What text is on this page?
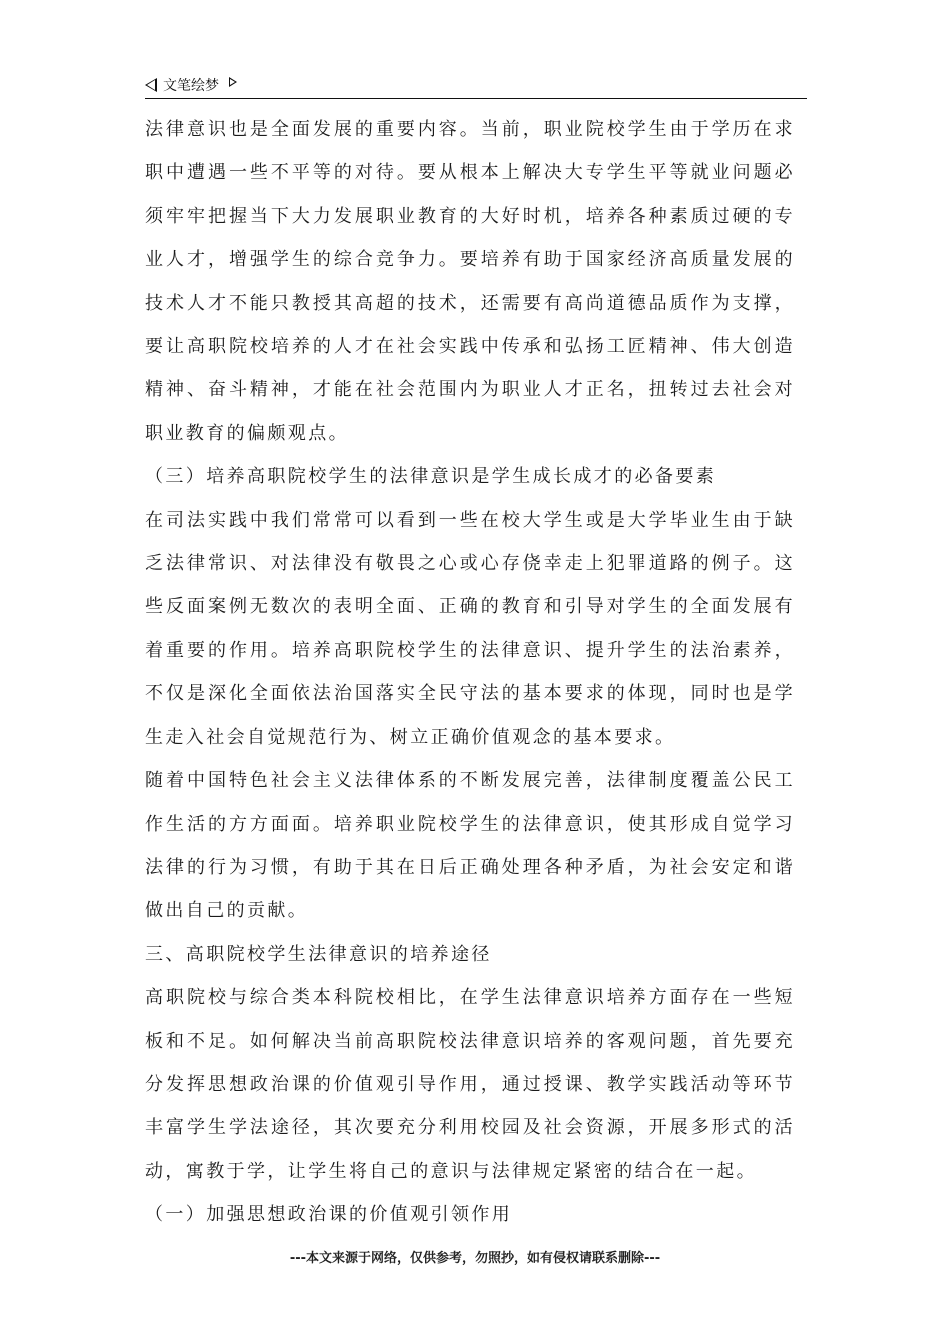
文笔绘梦

法律意识也是全面发展的重要内容。当前，职业院校学生由于学历在求职中遭遇一些不平等的对待。要从根本上解决大专学生平等就业问题必须牢牢把握当下大力发展职业教育的大好时机，培养各种素质过硬的专业人才，增强学生的综合竞争力。要培养有助于国家经济高质量发展的技术人才不能只教授其高超的技术，还需要有高尚道德品质作为支撑，要让高职院校培养的人才在社会实践中传承和弘扬工匠精神、伟大创造精神、奋斗精神，才能在社会范围内为职业人才正名，扭转过去社会对职业教育的偏颇观点。

（三）培养高职院校学生的法律意识是学生成长成才的必备要素

在司法实践中我们常常可以看到一些在校大学生或是大学毕业生由于缺乏法律常识、对法律没有敬畏之心或心存侥幸走上犯罪道路的例子。这些反面案例无数次的表明全面、正确的教育和引导对学生的全面发展有着重要的作用。培养高职院校学生的法律意识、提升学生的法治素养，不仅是深化全面依法治国落实全民守法的基本要求的体现，同时也是学生走入社会自觉规范行为、树立正确价值观念的基本要求。

随着中国特色社会主义法律体系的不断发展完善，法律制度覆盖公民工作生活的方方面面。培养职业院校学生的法律意识，使其形成自觉学习法律的行为习惯，有助于其在日后正确处理各种矛盾，为社会安定和谐做出自己的贡献。

三、高职院校学生法律意识的培养途径

高职院校与综合类本科院校相比，在学生法律意识培养方面存在一些短板和不足。如何解决当前高职院校法律意识培养的客观问题，首先要充分发挥思想政治课的价值观引导作用，通过授课、教学实践活动等环节丰富学生学法途径，其次要充分利用校园及社会资源，开展多形式的活动，寓教于学，让学生将自己的意识与法律规定紧密的结合在一起。

（一）加强思想政治课的价值观引领作用

---本文来源于网络，仅供参考，勿照抄，如有侵权请联系删除---
